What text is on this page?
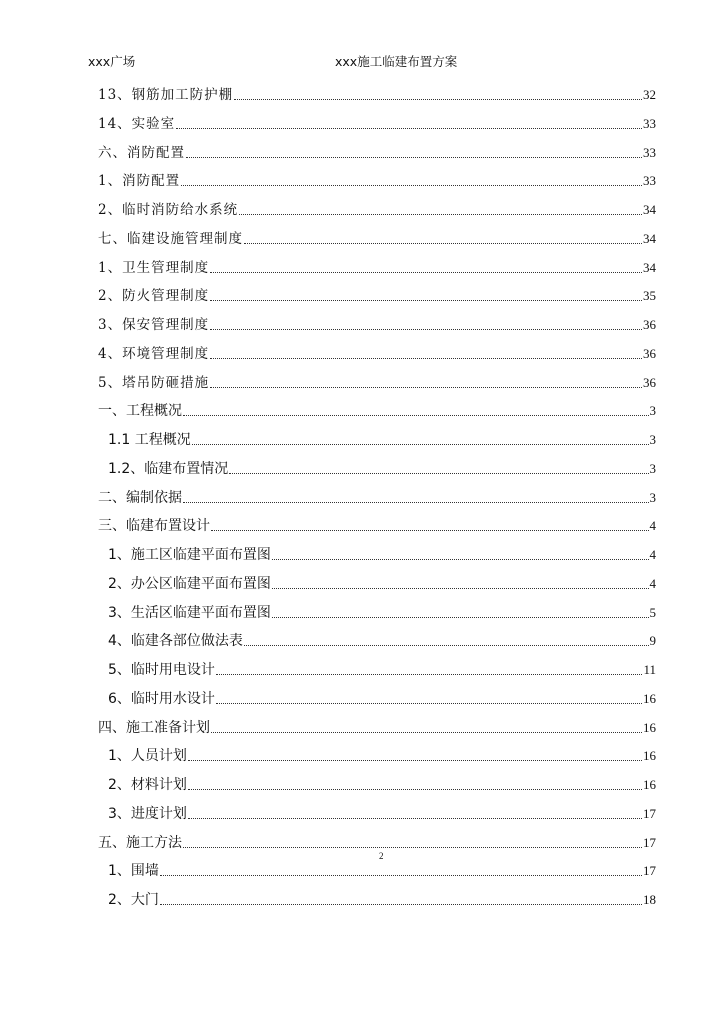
xxx广场	xxx施工临建布置方案
13、钢筋加工防护棚	32
14、实验室	33
六、消防配置	33
1、消防配置	33
2、临时消防给水系统	34
七、临建设施管理制度	34
1、卫生管理制度	34
2、防火管理制度	35
3、保安管理制度	36
4、环境管理制度	36
5、塔吊防砸措施	36
一、工程概况	3
1.1 工程概况	3
1.2、临建布置情况	3
二、编制依据	3
三、临建布置设计	4
1、施工区临建平面布置图	4
2、办公区临建平面布置图	4
3、生活区临建平面布置图	5
4、临建各部位做法表	9
5、临时用电设计	11
6、临时用水设计	16
四、施工准备计划	16
1、人员计划	16
2、材料计划	16
3、进度计划	17
五、施工方法	17
1、围墙	17
2、大门	18
2
